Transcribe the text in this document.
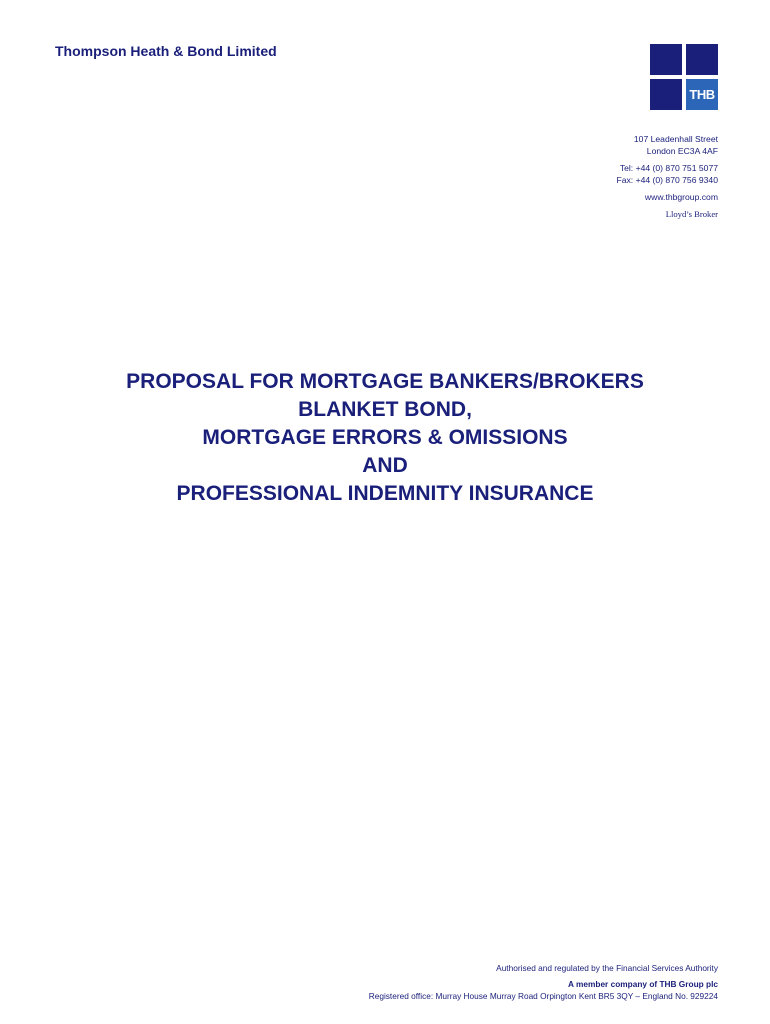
Thompson Heath & Bond Limited
THB
107 Leadenhall Street
London EC3A 4AF
Tel: +44 (0) 870 751 5077
Fax: +44 (0) 870 756 9340
www.thbgroup.com
Lloyd’s Broker
PROPOSAL FOR MORTGAGE BANKERS/BROKERS
BLANKET BOND,
MORTGAGE ERRORS & OMISSIONS
AND
PROFESSIONAL INDEMNITY INSURANCE
Authorised and regulated by the Financial Services Authority
A member company of THB Group plc
Registered office: Murray House Murray Road Orpington Kent BR5 3QY – England No. 929224
